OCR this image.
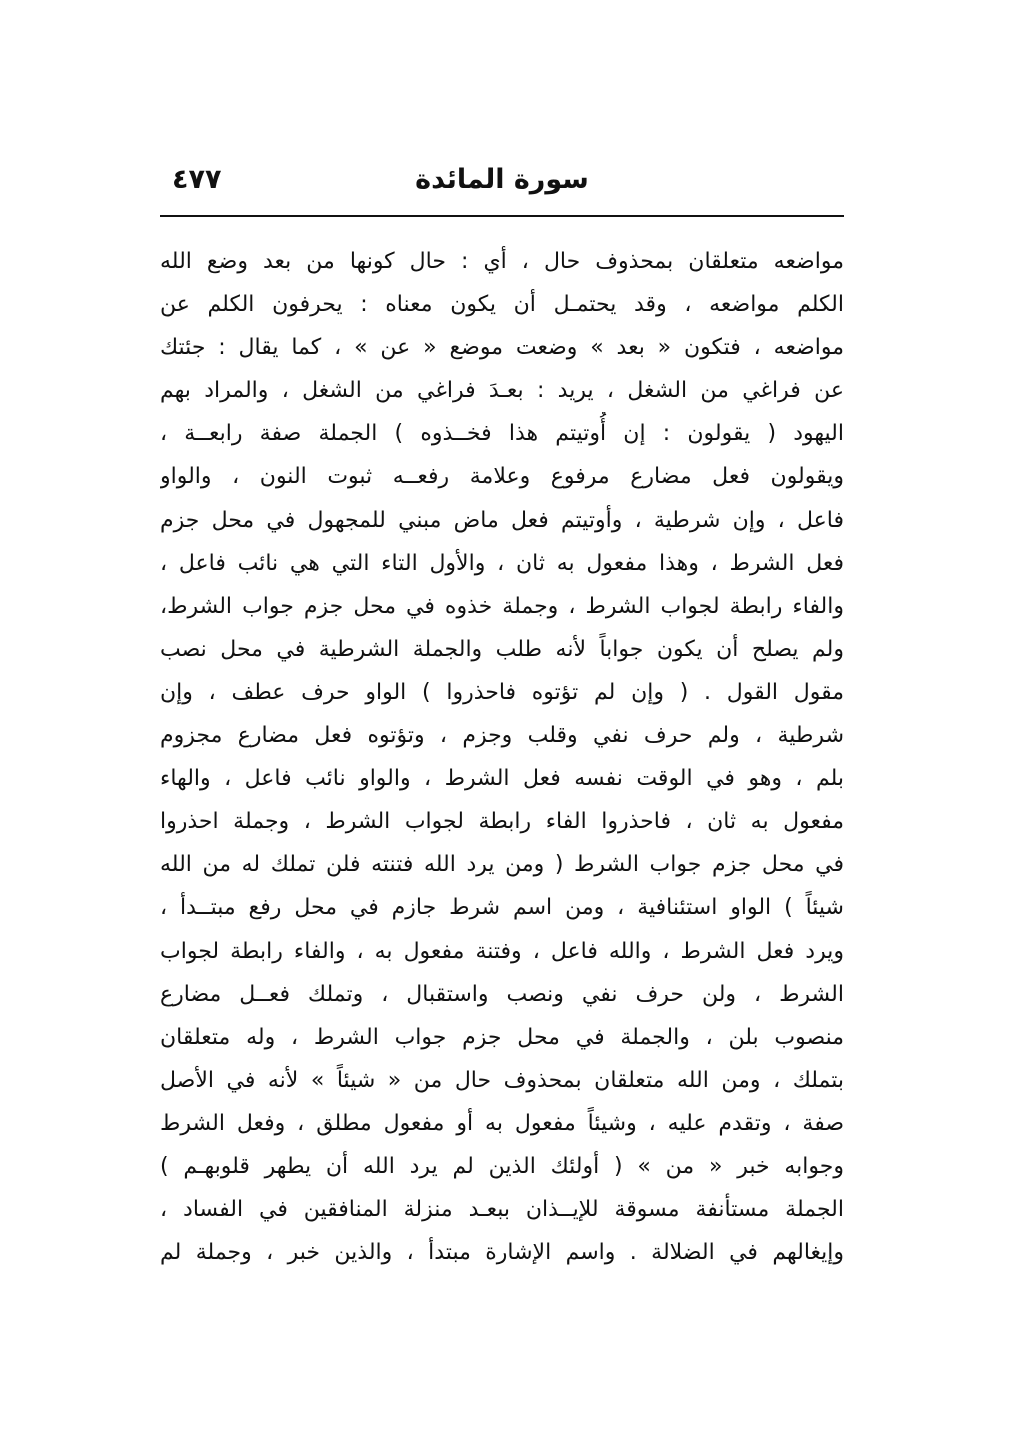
سورة المائدة
٤٧٧
مواضعه متعلقان بمحذوف حال ، أي : حال كونها من بعد وضع الله
الكلم مواضعه ، وقد يحتمـل أن يكون معناه : يحرفون الكلم عن
مواضعه ، فتكون « بعد » وضعت موضع « عن » ، كما يقال : جئتك
عن فراغي من الشغل ، يريد : بعـدَ فراغي من الشغل ، والمراد بهم
اليهود ( يقولون : إن أُوتيتم هذا فخــذوه ) الجملة صفة رابعــة ،
ويقولون فعل مضارع مرفوع وعلامة رفعــه ثبوت النون ، والواو
فاعل ، وإن شرطية ، وأوتيتم فعل ماض مبني للمجهول في محل جزم
فعل الشرط ، وهذا مفعول به ثان ، والأول التاء التي هي نائب فاعل ،
والفاء رابطة لجواب الشرط ، وجملة خذوه في محل جزم جواب الشرط،
ولم يصلح أن يكون جواباً لأنه طلب والجملة الشرطية في محل نصب
مقول القول . ( وإن لم تؤتوه فاحذروا ) الواو حرف عطف ، وإن
شرطية ، ولم حرف نفي وقلب وجزم ، وتؤتوه فعل مضارع مجزوم
بلم ، وهو في الوقت نفسه فعل الشرط ، والواو نائب فاعل ، والهاء
مفعول به ثان ، فاحذروا الفاء رابطة لجواب الشرط ، وجملة احذروا
في محل جزم جواب الشرط ( ومن يرد الله فتنته فلن تملك له من الله
شيئاً ) الواو استئنافية ، ومن اسم شرط جازم في محل رفع مبتــدأ ،
ويرد فعل الشرط ، والله فاعل ، وفتنة مفعول به ، والفاء رابطة لجواب
الشرط ، ولن حرف نفي ونصب واستقبال ، وتملك فعــل مضارع
منصوب بلن ، والجملة في محل جزم جواب الشرط ، وله متعلقان
بتملك ، ومن الله متعلقان بمحذوف حال من « شيئاً » لأنه في الأصل
صفة ، وتقدم عليه ، وشيئاً مفعول به أو مفعول مطلق ، وفعل الشرط
وجوابه خبر « من » ( أولئك الذين لم يرد الله أن يطهر قلوبهـم )
الجملة مستأنفة مسوقة للإيــذان ببعـد منزلة المنافقين في الفساد ،
وإيغالهم في الضلالة . واسم الإشارة مبتدأ ، والذين خبر ، وجملة لم
